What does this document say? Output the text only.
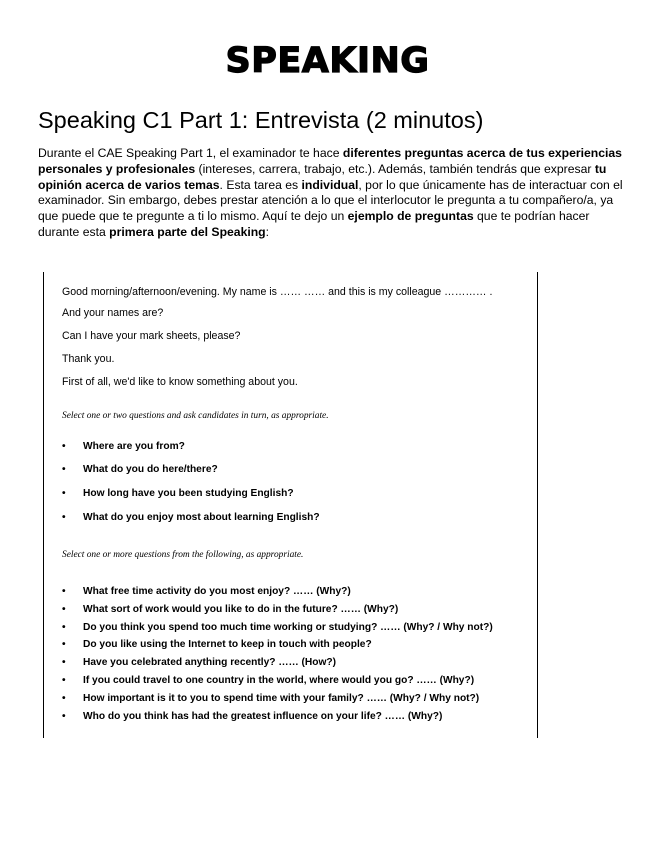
SPEAKING
Speaking C1 Part 1: Entrevista (2 minutos)

Durante el CAE Speaking Part 1, el examinador te hace diferentes preguntas acerca de tus experiencias personales y profesionales (intereses, carrera, trabajo, etc.). Además, también tendrás que expresar tu opinión acerca de varios temas. Esta tarea es individual, por lo que únicamente has de interactuar con el examinador. Sin embargo, debes prestar atención a lo que el interlocutor le pregunta a tu compañero/a, ya que puede que te pregunte a ti lo mismo. Aquí te dejo un ejemplo de preguntas que te podrían hacer durante esta primera parte del Speaking:

Good morning/afternoon/evening. My name is …… …… and this is my colleague ………… .
And your names are?
Can I have your mark sheets, please?
Thank you.
First of all, we'd like to know something about you.
Select one or two questions and ask candidates in turn, as appropriate.
• Where are you from?
• What do you do here/there?
• How long have you been studying English?
• What do you enjoy most about learning English?
Select one or more questions from the following, as appropriate.
• What free time activity do you most enjoy? …… (Why?)
• What sort of work would you like to do in the future? …… (Why?)
• Do you think you spend too much time working or studying? …… (Why? / Why not?)
• Do you like using the Internet to keep in touch with people?
• Have you celebrated anything recently? …… (How?)
• If you could travel to one country in the world, where would you go? …… (Why?)
• How important is it to you to spend time with your family? …… (Why? / Why not?)
• Who do you think has had the greatest influence on your life? …… (Why?)
